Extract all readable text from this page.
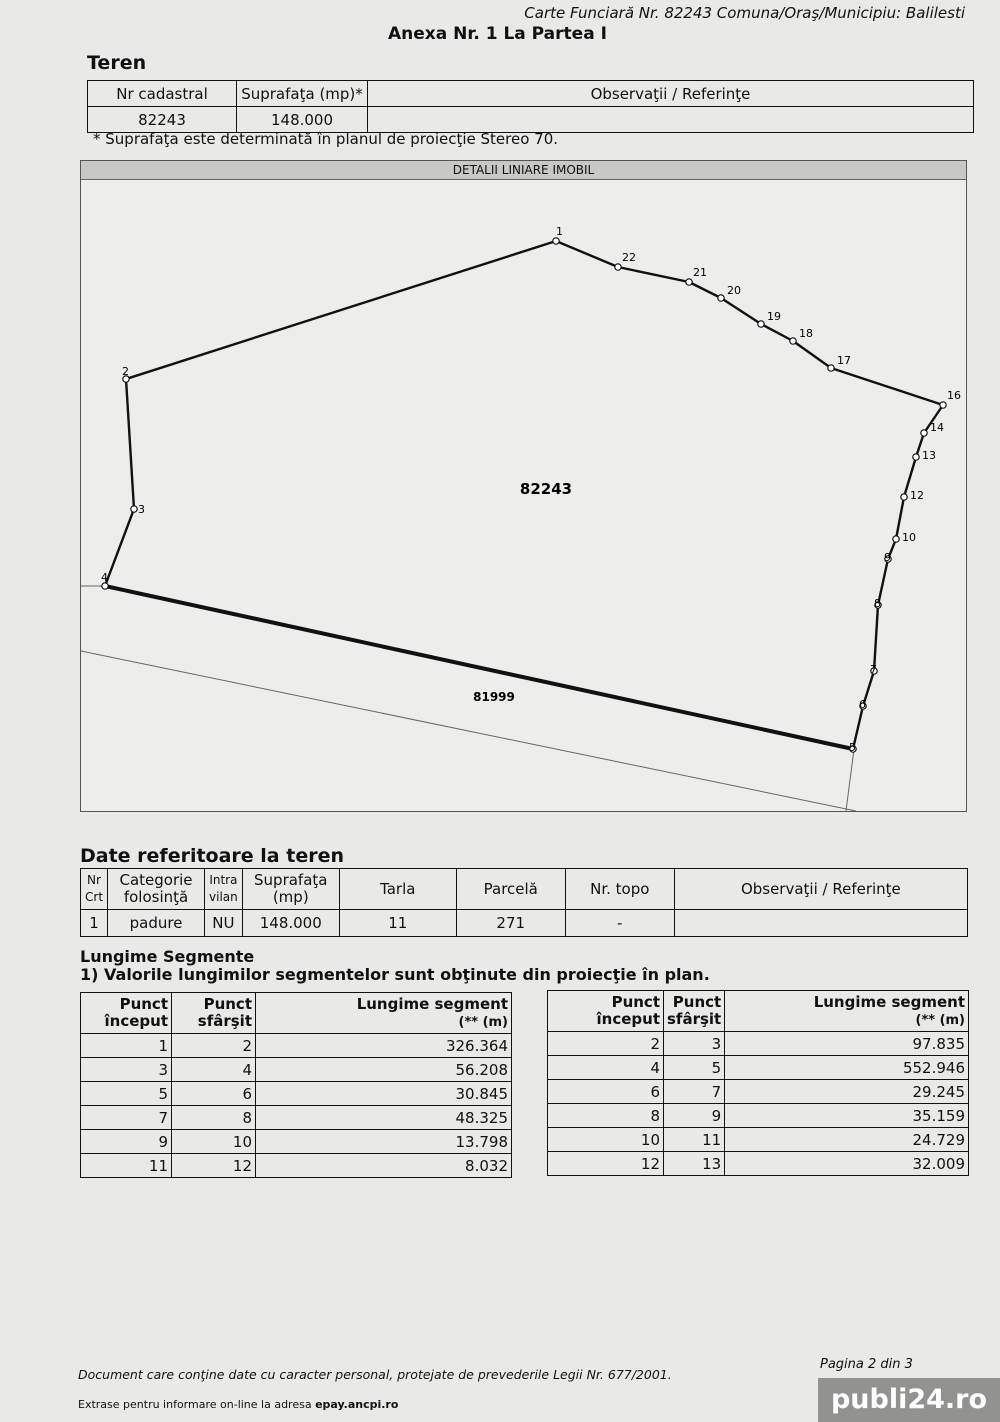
Carte Funciară Nr. 82243 Comuna/Oraş/Municipiu: Balilesti
Anexa Nr. 1 La Partea I
Teren
Nr cadastral	Suprafaţa (mp)*	Observaţii / Referinţe
82243	148.000	
* Suprafaţa este determinată în planul de proiecţie Stereo 70.
DETALII LINIARE IMOBIL
1
2
3
4
5
6
7
8
9
10
12
13
14
16
17
18
19
20
21
22
82243
81999
Date referitoare la teren
Nr Crt	Categorie folosinţă	Intra vilan	Suprafaţa (mp)	Tarla	Parcelă	Nr. topo	Observaţii / Referinţe
1	padure	NU	148.000	11	271	-	
Lungime Segmente
1) Valorile lungimilor segmentelor sunt obţinute din proiecţie în plan.
Punct început	Punct sfârşit	Lungime segment
(** (m)
1	2	326.364
3	4	56.208
5	6	30.845
7	8	48.325
9	10	13.798
11	12	8.032
Punct început	Punct sfârşit	Lungime segment
(** (m)
2	3	97.835
4	5	552.946
6	7	29.245
8	9	35.159
10	11	24.729
12	13	32.009
Document care conţine date cu caracter personal, protejate de prevederile Legii Nr. 677/2001.
Pagina 2 din 3
Extrase pentru informare on-line la adresa epay.ancpi.ro	publi24.ro
